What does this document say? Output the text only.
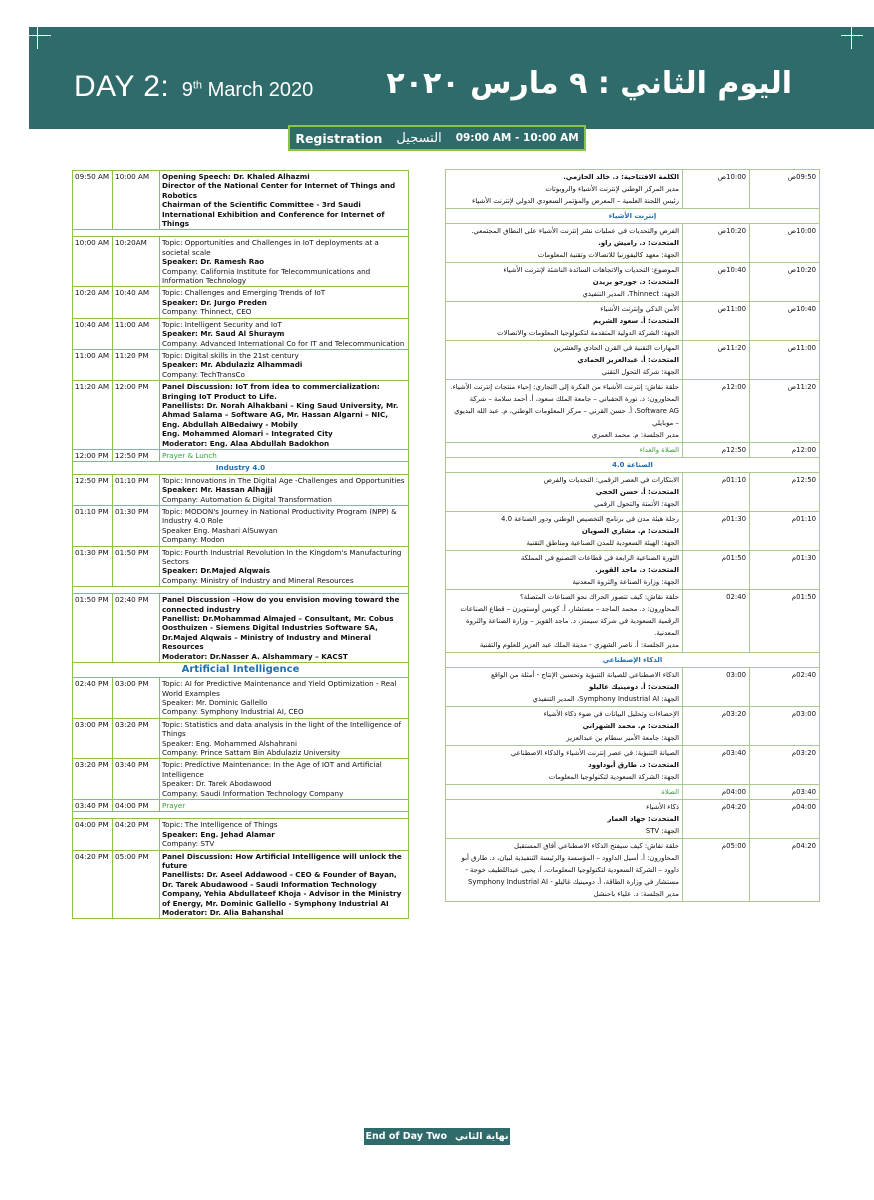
DAY 2: 9th March 2020 اليوم الثاني : ٩ مارس ٢٠٢٠
Registration التسجيل 09:00 AM - 10:00 AM
09:50 AM	10:00 AM	Opening Speech: Dr. Khaled Alhazmi
Director of the National Center for Internet of Things and Robotics
Chairman of the Scientific Committee - 3rd Saudi International Exhibition and Conference for Internet of Things

10:00 AM	10:20AM	Topic: Opportunities and Challenges in IoT deployments at a societal scale
Speaker: Dr. Ramesh Rao
Company: California Institute for Telecommunications and Information Technology

10:20 AM	10:40 AM	Topic: Challenges and Emerging Trends of IoT
Speaker: Dr. Jurgo Preden
Company: Thinnect, CEO

10:40 AM	11:00 AM	Topic: Intelligent Security and IoT
Speaker: Mr. Saud Al Shuraym
Company: Advanced International Co for IT and Telecommunication

11:00 AM	11:20 PM	Topic: Digital skills in the 21st century
Speaker: Mr. Abdulaziz Alhammadi
Company: TechTransCo

11:20 AM	12:00 PM	Panel Discussion: IoT from idea to commercialization: Bringing IoT Product to Life.
Panellists: Dr. Norah Alhakbani – King Saud University, Mr. Ahmad Salama – Software AG, Mr. Hassan Algarni – NIC, Eng. Abdullah AlBedaiwy - Mobily
Eng. Mohammed Alomari - Integrated City
Moderator: Eng. Alaa Abdullah Badokhon

12:00 PM	12:50 PM	Prayer & Lunch

Industry 4.0		
12:50 PM	01:10 PM	Topic: Innovations in The Digital Age -Challenges and Opportunities
Speaker: Mr. Hassan Alhajji
Company: Automation & Digital Transformation

01:10 PM	01:30 PM	Topic: MODON's Journey in National Productivity Program (NPP) & Industry 4.0 Role
Speaker Eng. Mashari AlSuwyan
Company: Modon

01:30 PM	01:50 PM	Topic: Fourth Industrial Revolution In the Kingdom's Manufacturing Sectors
Speaker: Dr.Majed Alqwais
Company: Ministry of Industry and Mineral Resources

01:50 PM	02:40 PM	Panel Discussion –How do you envision moving toward the connected industry
Panellist: Dr.Mohammad Almajed – Consultant, Mr. Cobus Oosthuizen - Siemens Digital Industries Software SA, Dr.Majed Alqwais – Ministry of Industry and Mineral Resources
Moderator: Dr.Nasser A. Alshammary – KACST

Artificial Intelligence		
02:40 PM	03:00 PM	Topic: AI for Predictive Maintenance and Yield Optimization - Real World Examples
Speaker: Mr. Dominic Gallello
Company: Symphony Industrial AI, CEO

03:00 PM	03:20 PM	Topic: Statistics and data analysis in the light of the Intelligence of Things
Speaker: Eng. Mohammed Alshahrani
Company: Prince Sattam Bin Abdulaziz University

03:20 PM	03:40 PM	Topic: Predictive Maintenance: In the Age of IOT and Artificial Intelligence
Speaker: Dr. Tarek Abodawood
Company: Saudi Information Technology Company

03:40 PM	04:00 PM	Prayer

04:00 PM	04:20 PM	Topic: The Intelligence of Things
Speaker: Eng. Jehad Alamar
Company: STV

04:20 PM	05:00 PM	Panel Discussion: How Artificial Intelligence will unlock the future
Panellists: Dr. Aseel Addawood - CEO & Founder of Bayan, Dr. Tarek Abudawood - Saudi Information Technology Company, Yehia Abdullateef Khoja - Advisor in the Ministry of Energy, Mr. Dominic Gallello - Symphony Industrial AI
Moderator: Dr. Alia Bahanshal
09:50ص	10:00ص	الكلمة الافتتاحية: د. خالد الحازمي.
مدير المركز الوطني لإنترنت الأشياء والروبوتات
رئيس اللجنة العلمية – المعرض والمؤتمر السعودي الدولي لإنترنت الأشياء

إنترنت الأشياء		
10:00ص	10:20ص	الفرص والتحديات في عمليات نشر إنترنت الأشياء على النطاق المجتمعي.
المتحدث: د. راميش راو.
الجهة: معهد كاليفورنيا للاتصالات وتقنية المعلومات

10:20ص	10:40ص	الموضوع: التحديات والاتجاهات السائدة الناشئة لإنترنت الأشياء
المتحدث: د. جورجو بريدن
الجهة: Thinnect، المدير التنفيذي

10:40ص	11:00ص	الأمن الذكي وإنترنت الأشياء
المتحدث: أ. سعود الشريم
الجهة: الشركة الدولية المتقدمة لتكنولوجيا المعلومات والاتصالات

11:00ص	11:20ص	المهارات التقنية في القرن الحادي والعشرين
المتحدث: أ. عبدالعزيز الحمادي
الجهة: شركة التحول التقني

11:20ص	12:00م	حلقة نقاش: إنترنت الأشياء من الفكرة إلى التجاري: إحياء منتجات إنترنت الأشياء.
المحاورون: د. نورة الحقباني – جامعة الملك سعود، أ. أحمد سلامة – شركة Software AG، أ. حسن القرني – مركز المعلومات الوطني، م. عبد الله البديوي – موبايلي
مدير الجلسة: م. محمد العمري

12:00م	12:50م	الصلاة والغداء

الصناعة 4.0		
12:50م	01:10م	الابتكارات في العصر الرقمي: التحديات والفرص
المتحدث: أ. حسن الحجي
الجهة: الأتمتة والتحول الرقمي

01:10م	01:30م	رحلة هيئة مدن في برنامج التخصيص الوطني ودور الصناعة 4.0
المتحدث: م. مشاري الصويان
الجهة: الهيئة السعودية للمدن الصناعية ومناطق التقنية

01:30م	01:50م	الثورة الصناعية الرابعة في قطاعات التصنيع في المملكة
المتحدث: د. ماجد القويز.
الجهة: وزارة الصناعة والثروة المعدنية

01:50م	02:40	حلقة نقاش: كيف تتصور الحراك نحو الصناعات المتصلة؟
المحاورون: د. محمد الماجد – مستشار، أ. كوبس أوستويزن – قطاع الصناعات الرقمية السعودية في شركة سيمنز، د. ماجد القويز – وزارة الصناعة والثروة المعدنية.
مدير الجلسة: أ. ناصر الشهري - مدينة الملك عبد العزيز للعلوم والتقنية

الذكاء الإصطناعي		
02:40م	03:00	الذكاء الاصطناعي للصيانة التنبؤية وتحسين الإنتاج - أمثلة من الواقع
المتحدث: أ. دومينيك غاليلو
الجهة: Symphony Industrial AI، المدير التنفيذي

03:00م	03:20م	الإحصاءات وتحليل البيانات في ضوء ذكاء الأشياء
المتحدث: م. محمد الشهراني
الجهة: جامعة الأمير سطام بن عبدالعزيز

03:20م	03:40م	الصيانة التنبؤية: في عصر إنترنت الأشياء والذكاء الاصطناعي
المتحدث: د. طارق أبوداوود
الجهة: الشركة السعودية لتكنولوجيا المعلومات

03:40م	04:00م	الصلاة

04:00م	04:20م	ذكاء الأشياء
المتحدث: جهاد العمار
الجهة: STV

04:20م	05:00م	حلقة نقاش: كيف سيفتح الذكاء الاصطناعي آفاق المستقبل
المحاورون: أ. أسيل الداوود – المؤسسة والرئيسة التنفيذية لبيان، د. طارق أبو داوود – الشركة السعودية لتكنولوجيا المعلومات، أ. يحيى عبداللطيف خوجة - مستشار في وزارة الطاقة، أ. دومينيك غاليلو - Symphony Industrial AI
مدير الجلسة: د. علياء باحنشل
End of Day Two نهاية الثاني
